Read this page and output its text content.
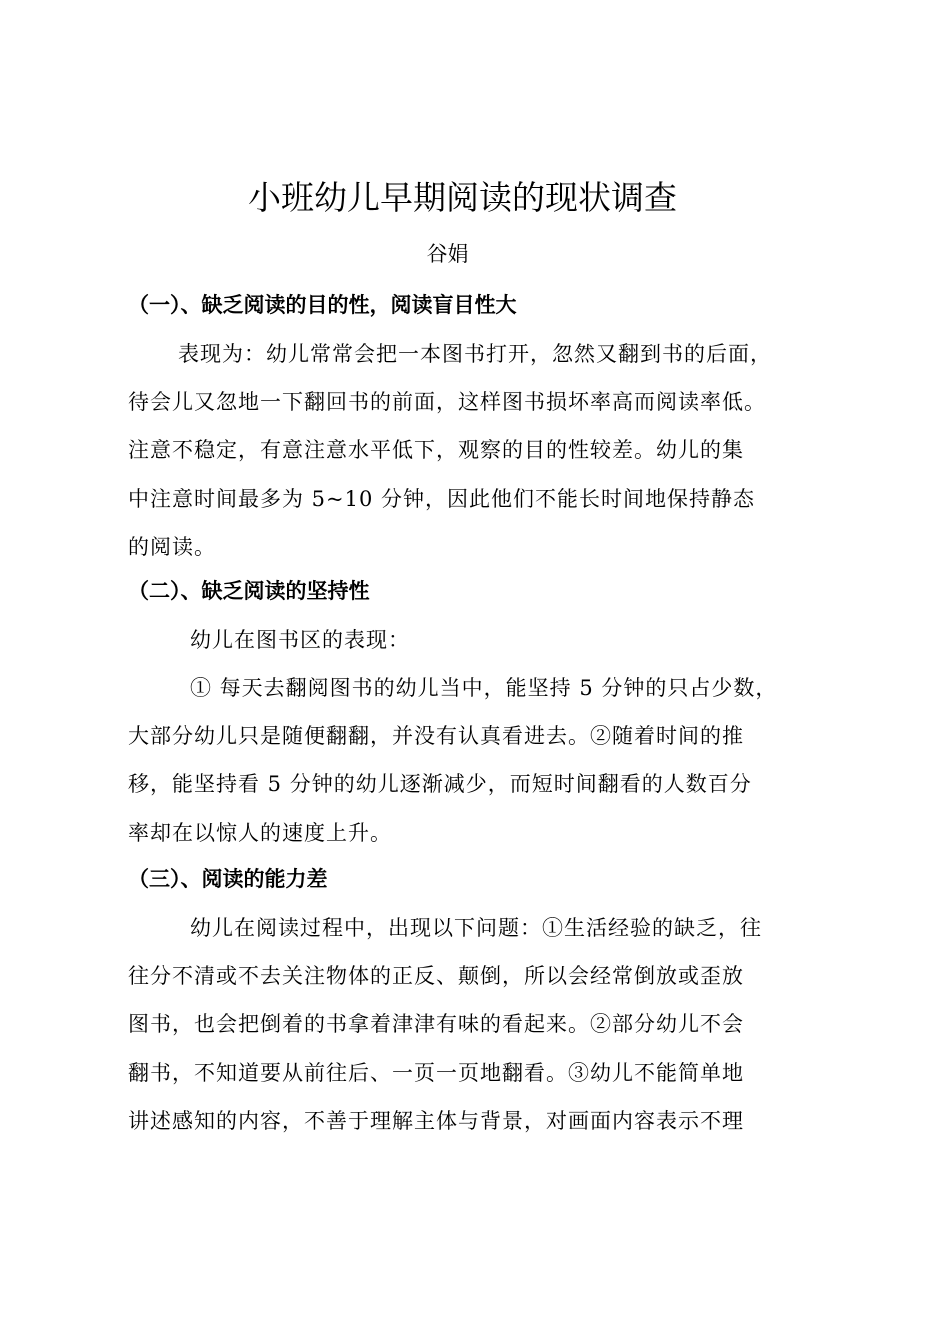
小班幼儿早期阅读的现状调查
谷娟
（一）、缺乏阅读的目的性，阅读盲目性大
表现为：幼儿常常会把一本图书打开，忽然又翻到书的后面，
待会儿又忽地一下翻回书的前面，这样图书损坏率高而阅读率低。
注意不稳定，有意注意水平低下，观察的目的性较差。幼儿的集
中注意时间最多为 5~10 分钟，因此他们不能长时间地保持静态
的阅读。
（二）、缺乏阅读的坚持性
幼儿在图书区的表现：
① 每天去翻阅图书的幼儿当中，能坚持 5 分钟的只占少数，
大部分幼儿只是随便翻翻，并没有认真看进去。②随着时间的推
移，能坚持看 5 分钟的幼儿逐渐减少，而短时间翻看的人数百分
率却在以惊人的速度上升。
（三）、阅读的能力差
幼儿在阅读过程中，出现以下问题：①生活经验的缺乏，往
往分不清或不去关注物体的正反、颠倒，所以会经常倒放或歪放
图书，也会把倒着的书拿着津津有味的看起来。②部分幼儿不会
翻书，不知道要从前往后、一页一页地翻看。③幼儿不能简单地
讲述感知的内容，不善于理解主体与背景，对画面内容表示不理
